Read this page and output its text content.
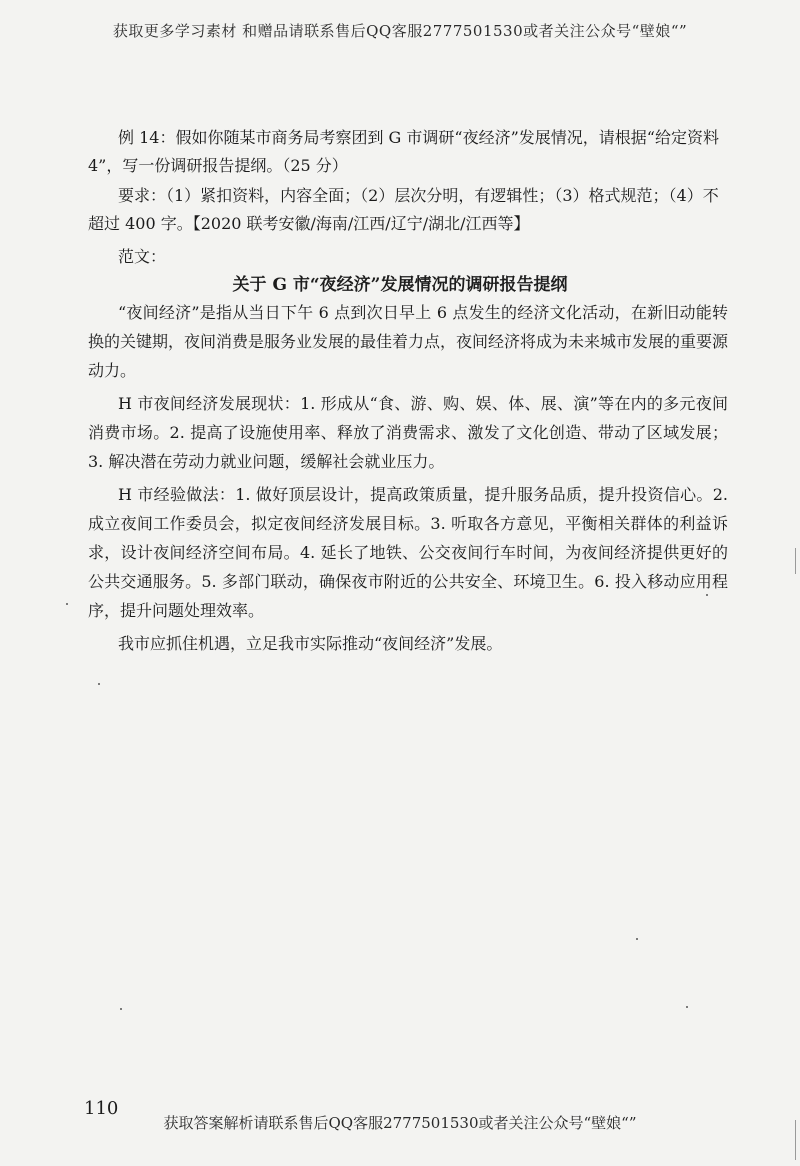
获取更多学习素材 和赠品请联系售后QQ客服2777501530或者关注公众号“壁娘“”

例 14：假如你随某市商务局考察团到 G 市调研“夜经济”发展情况，请根据“给定资料 4”，写一份调研报告提纲。（25 分）

要求：（1）紧扣资料，内容全面；（2）层次分明，有逻辑性；（3）格式规范；（4）不超过 400 字。【2020 联考安徽/海南/江西/辽宁/湖北/江西等】

范文：
关于 G 市“夜经济”发展情况的调研报告提纲

“夜间经济”是指从当日下午 6 点到次日早上 6 点发生的经济文化活动，在新旧动能转换的关键期，夜间消费是服务业发展的最佳着力点，夜间经济将成为未来城市发展的重要源动力。

H 市夜间经济发展现状：1. 形成从“食、游、购、娱、体、展、演”等在内的多元夜间消费市场。2. 提高了设施使用率、释放了消费需求、激发了文化创造、带动了区域发展；3. 解决潜在劳动力就业问题，缓解社会就业压力。

H 市经验做法：1. 做好顶层设计，提高政策质量，提升服务品质，提升投资信心。2. 成立夜间工作委员会，拟定夜间经济发展目标。3. 听取各方意见，平衡相关群体的利益诉求，设计夜间经济空间布局。4. 延长了地铁、公交夜间行车时间，为夜间经济提供更好的公共交通服务。5. 多部门联动，确保夜市附近的公共安全、环境卫生。6. 投入移动应用程序，提升问题处理效率。

我市应抓住机遇，立足我市实际推动“夜间经济”发展。

110
获取答案解析请联系售后QQ客服2777501530或者关注公众号“壁娘“”
